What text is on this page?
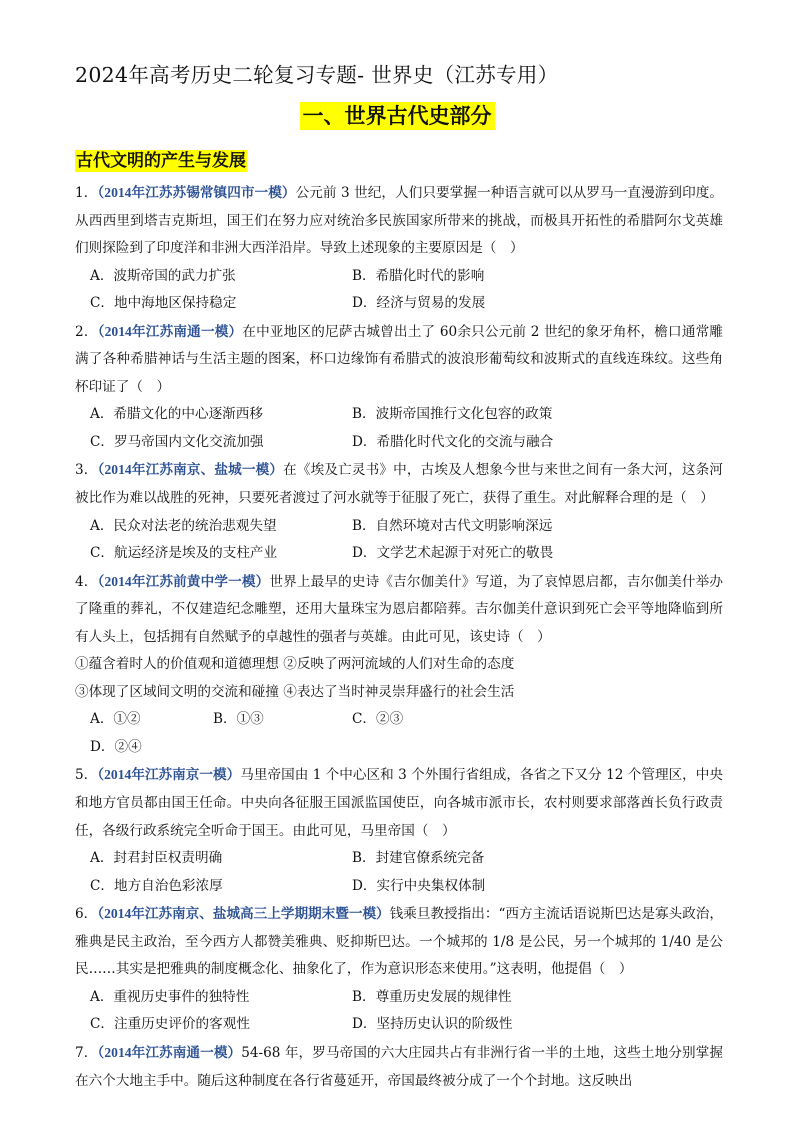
2024年高考历史二轮复习专题- 世界史（江苏专用）
一、世界古代史部分
古代文明的产生与发展
1．（2014年江苏苏锡常镇四市一模）公元前 3 世纪，人们只要掌握一种语言就可以从罗马一直漫游到印度。从西西里到塔吉克斯坦，国王们在努力应对统治多民族国家所带来的挑战，而极具开拓性的希腊阿尔戈英雄们则探险到了印度洋和非洲大西洋沿岸。导致上述现象的主要原因是（　）
A．波斯帝国的武力扩张	B．希腊化时代的影响
C．地中海地区保持稳定	D．经济与贸易的发展
2．（2014年江苏南通一模）在中亚地区的尼萨古城曾出土了 60余只公元前 2 世纪的象牙角杯，檐口通常雕满了各种希腊神话与生活主题的图案，杯口边缘饰有希腊式的波浪形葡萄纹和波斯式的直线连珠纹。这些角杯印证了（　）
A．希腊文化的中心逐渐西移	B．波斯帝国推行文化包容的政策
C．罗马帝国内文化交流加强	D．希腊化时代文化的交流与融合
3．（2014年江苏南京、盐城一模）在《埃及亡灵书》中，古埃及人想象今世与来世之间有一条大河，这条河被比作为难以战胜的死神，只要死者渡过了河水就等于征服了死亡，获得了重生。对此解释合理的是（　）
A．民众对法老的统治悲观失望	B．自然环境对古代文明影响深远
C．航运经济是埃及的支柱产业	D．文学艺术起源于对死亡的敬畏
4．（2014年江苏前黄中学一模）世界上最早的史诗《吉尔伽美什》写道，为了哀悼恩启都，吉尔伽美什举办了隆重的葬礼，不仅建造纪念雕塑，还用大量珠宝为恩启都陪葬。吉尔伽美什意识到死亡会平等地降临到所有人头上，包括拥有自然赋予的卓越性的强者与英雄。由此可见，该史诗（　）
①蕴含着时人的价值观和道德理想 ②反映了两河流域的人们对生命的态度
③体现了区域间文明的交流和碰撞 ④表达了当时神灵崇拜盛行的社会生活
A．①②	B．①③	C．②③
D．②④
5．（2014年江苏南京一模）马里帝国由 1 个中心区和 3 个外围行省组成，各省之下又分 12 个管理区，中央和地方官员都由国王任命。中央向各征服王国派监国使臣，向各城市派市长，农村则要求部落酋长负行政责任，各级行政系统完全听命于国王。由此可见，马里帝国（　）
A．封君封臣权责明确	B．封建官僚系统完备
C．地方自治色彩浓厚	D．实行中央集权体制
6．（2014年江苏南京、盐城高三上学期期末暨一模）钱乘旦教授指出：“西方主流话语说斯巴达是寡头政治，雅典是民主政治，至今西方人都赞美雅典、贬抑斯巴达。一个城邦的 1/8 是公民，另一个城邦的 1/40 是公民……其实是把雅典的制度概念化、抽象化了，作为意识形态来使用。”这表明，他提倡（　）
A．重视历史事件的独特性	B．尊重历史发展的规律性
C．注重历史评价的客观性	D．坚持历史认识的阶级性
7．（2014年江苏南通一模）54-68 年，罗马帝国的六大庄园共占有非洲行省一半的土地，这些土地分别掌握在六个大地主手中。随后这种制度在各行省蔓延开，帝国最终被分成了一个个封地。这反映出
